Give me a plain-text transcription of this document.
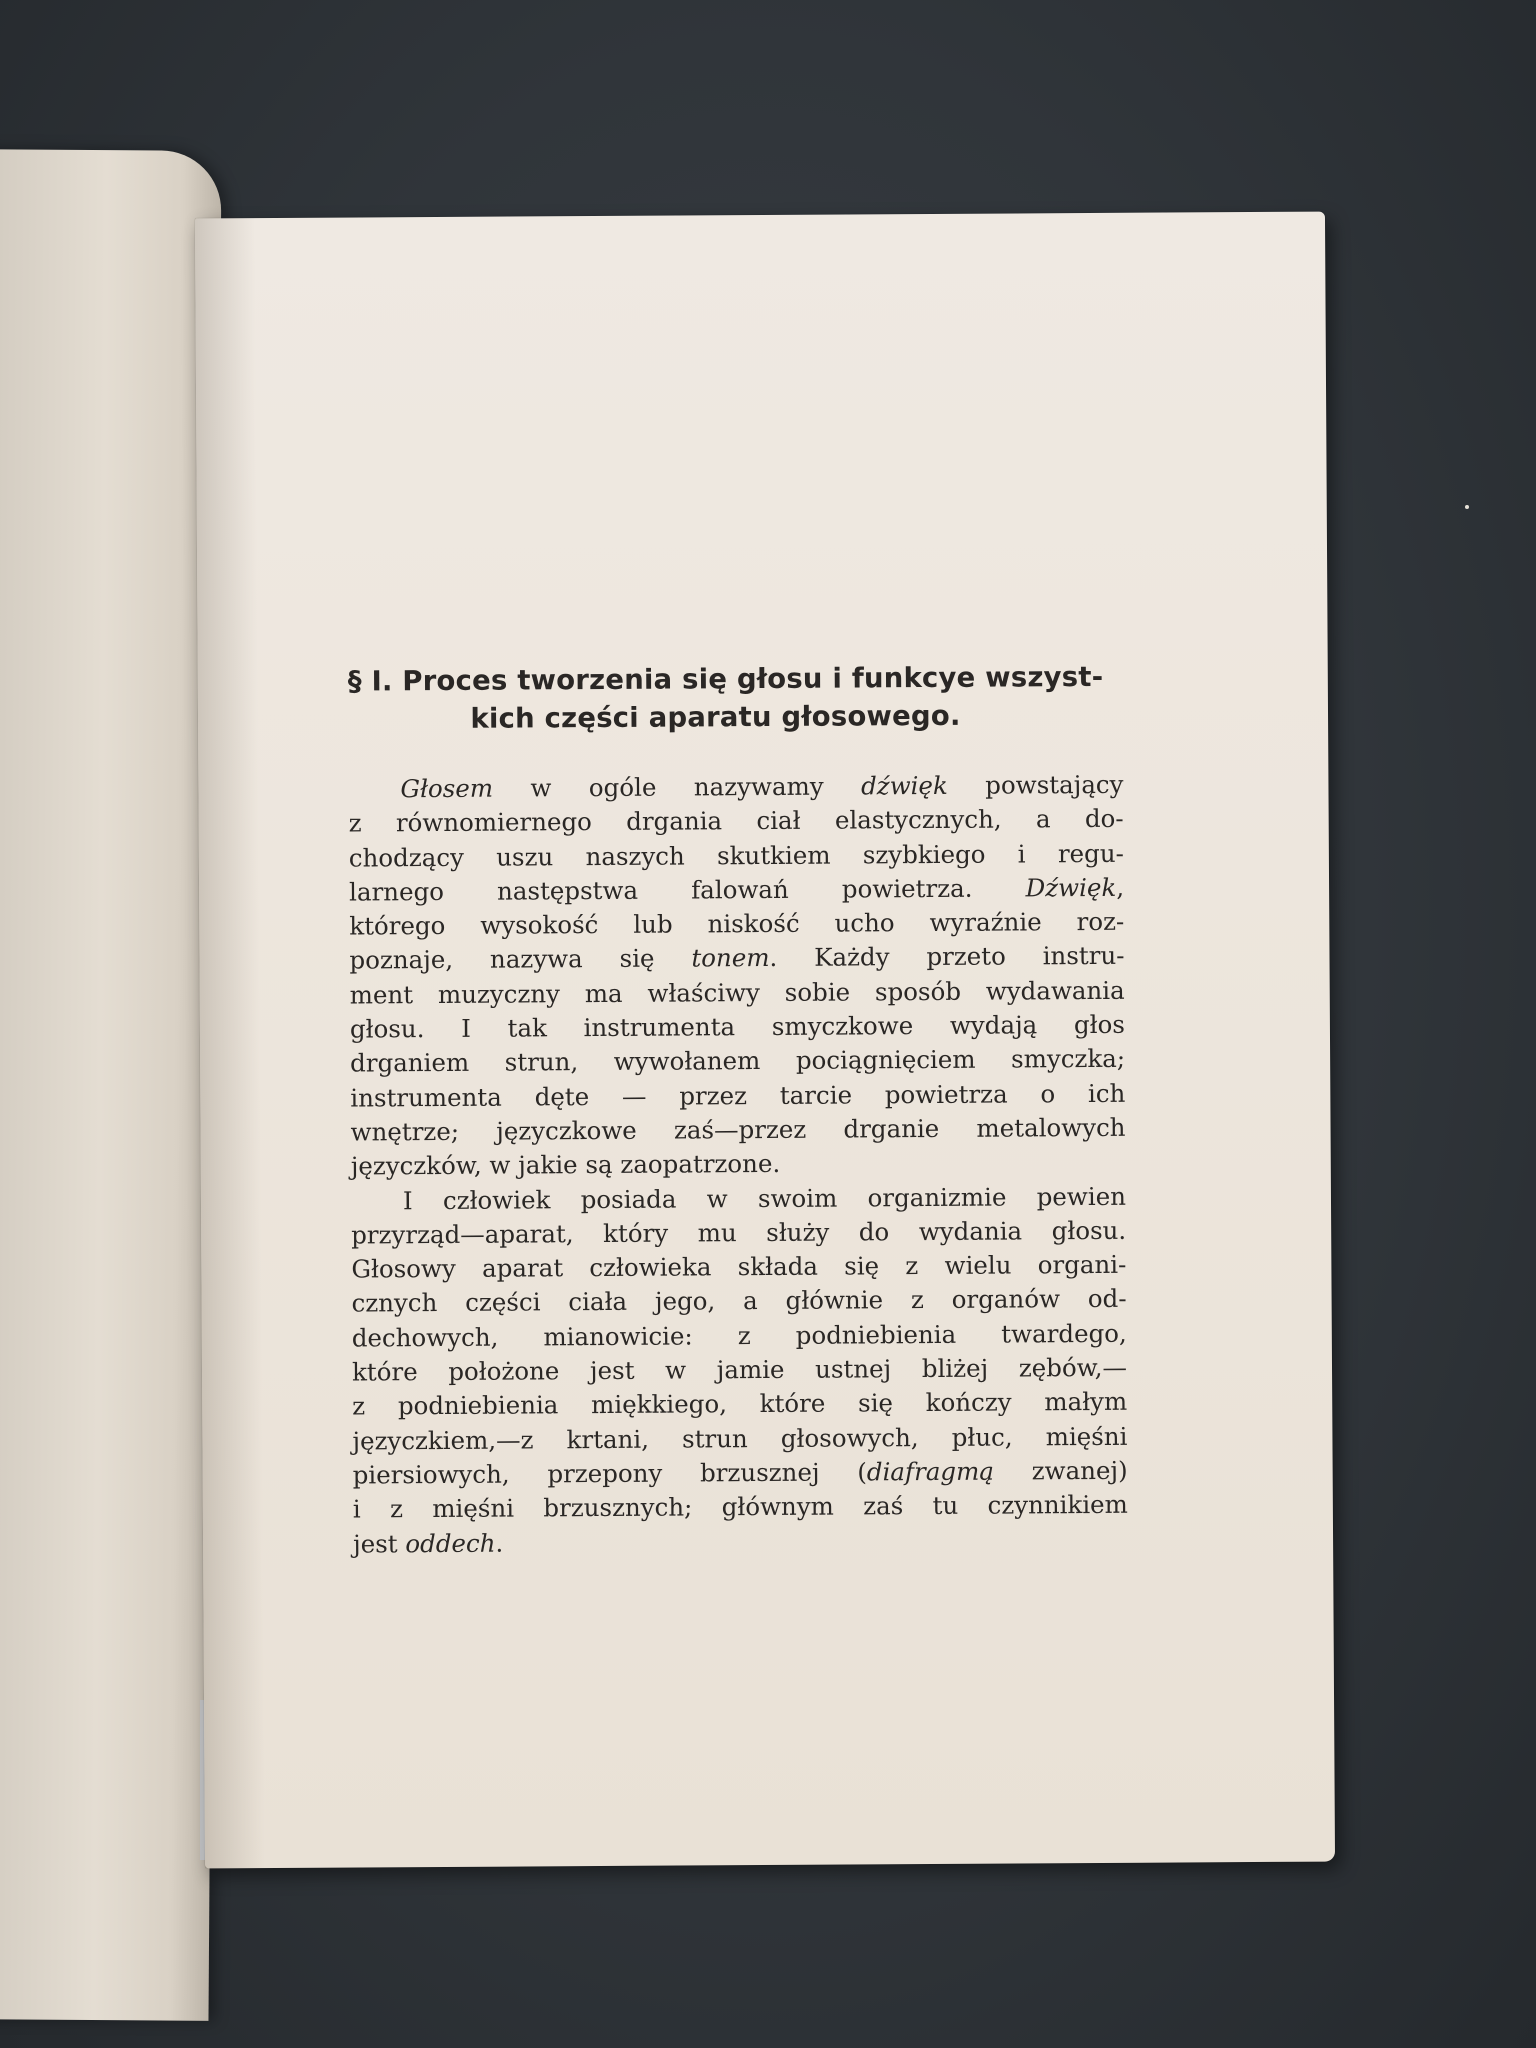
§ I. Proces tworzenia się głosu i funkcye wszyst-
kich części aparatu głosowego.

Głosem w ogóle nazywamy dźwięk powstający
z równomiernego drgania ciał elastycznych, a do-
chodzący uszu naszych skutkiem szybkiego i regu-
larnego następstwa falowań powietrza. Dźwięk,
którego wysokość lub niskość ucho wyraźnie roz-
poznaje, nazywa się tonem. Każdy przeto instru-
ment muzyczny ma właściwy sobie sposób wydawania
głosu. I tak instrumenta smyczkowe wydają głos
drganiem strun, wywołanem pociągnięciem smyczka;
instrumenta dęte — przez tarcie powietrza o ich
wnętrze; języczkowe zaś—przez drganie metalowych
języczków, w jakie są zaopatrzone.

I człowiek posiada w swoim organizmie pewien
przyrząd—aparat, który mu służy do wydania głosu.
Głosowy aparat człowieka składa się z wielu organi-
cznych części ciała jego, a głównie z organów od-
dechowych, mianowicie: z podniebienia twardego,
które położone jest w jamie ustnej bliżej zębów,—
z podniebienia miękkiego, które się kończy małym
języczkiem,—z krtani, strun głosowych, płuc, mięśni
piersiowych, przepony brzusznej (diafragmą zwanej)
i z mięśni brzusznych; głównym zaś tu czynnikiem
jest oddech.
